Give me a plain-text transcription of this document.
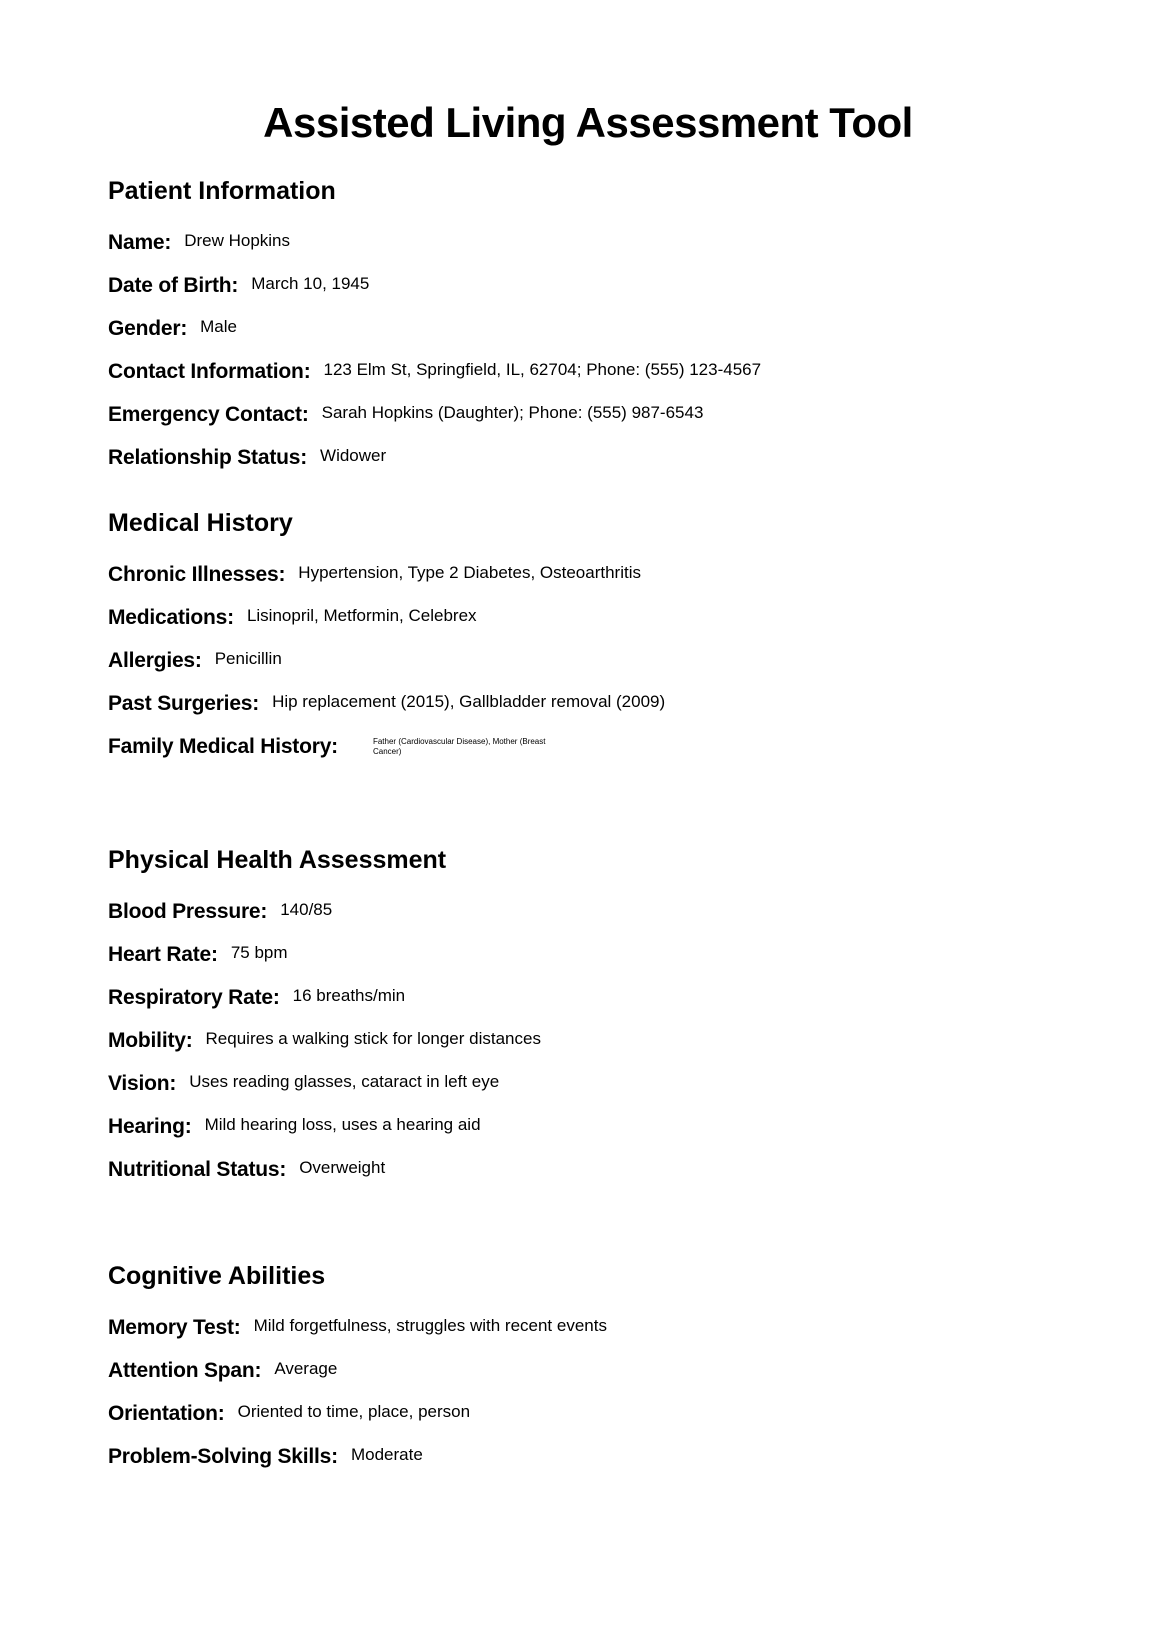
Assisted Living Assessment Tool
Patient Information
Name: Drew Hopkins
Date of Birth: March 10, 1945
Gender: Male
Contact Information: 123 Elm St, Springfield, IL, 62704; Phone: (555) 123-4567
Emergency Contact: Sarah Hopkins (Daughter); Phone: (555) 987-6543
Relationship Status: Widower
Medical History
Chronic Illnesses: Hypertension, Type 2 Diabetes, Osteoarthritis
Medications: Lisinopril, Metformin, Celebrex
Allergies: Penicillin
Past Surgeries: Hip replacement (2015), Gallbladder removal (2009)
Family Medical History:	Father (Cardiovascular Disease), Mother (Breast Cancer)
Physical Health Assessment
Blood Pressure: 140/85
Heart Rate: 75 bpm
Respiratory Rate: 16 breaths/min
Mobility: Requires a walking stick for longer distances
Vision: Uses reading glasses, cataract in left eye
Hearing: Mild hearing loss, uses a hearing aid
Nutritional Status: Overweight
Cognitive Abilities
Memory Test: Mild forgetfulness, struggles with recent events
Attention Span: Average
Orientation: Oriented to time, place, person
Problem-Solving Skills: Moderate
